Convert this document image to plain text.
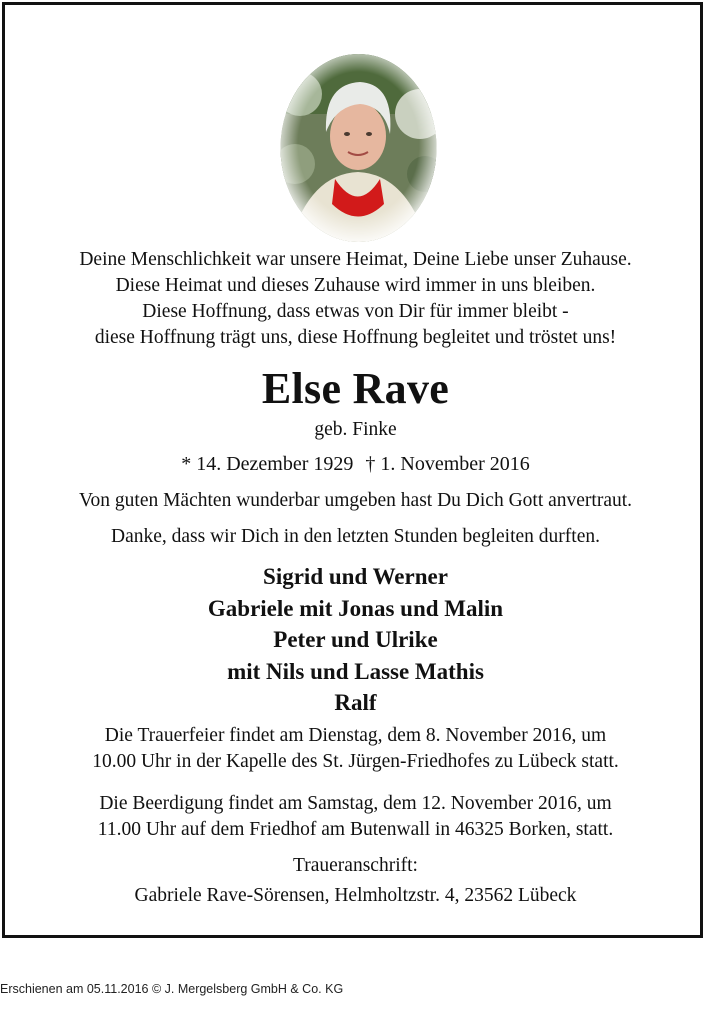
Deine Menschlichkeit war unsere Heimat, Deine Liebe unser Zuhause.
Diese Heimat und dieses Zuhause wird immer in uns bleiben.
Diese Hoffnung, dass etwas von Dir für immer bleibt -
diese Hoffnung trägt uns, diese Hoffnung begleitet und tröstet uns!
Else Rave
geb. Finke
* 14. Dezember 1929 † 1. November 2016
Von guten Mächten wunderbar umgeben hast Du Dich Gott anvertraut.
Danke, dass wir Dich in den letzten Stunden begleiten durften.
Sigrid und Werner
Gabriele mit Jonas und Malin
Peter und Ulrike
mit Nils und Lasse Mathis
Ralf
Die Trauerfeier findet am Dienstag, dem 8. November 2016, um
10.00 Uhr in der Kapelle des St. Jürgen-Friedhofes zu Lübeck statt.
Die Beerdigung findet am Samstag, dem 12. November 2016, um
11.00 Uhr auf dem Friedhof am Butenwall in 46325 Borken, statt.
Traueranschrift:
Gabriele Rave-Sörensen, Helmholtzstr. 4, 23562 Lübeck
Erschienen am 05.11.2016 © J. Mergelsberg GmbH & Co. KG
